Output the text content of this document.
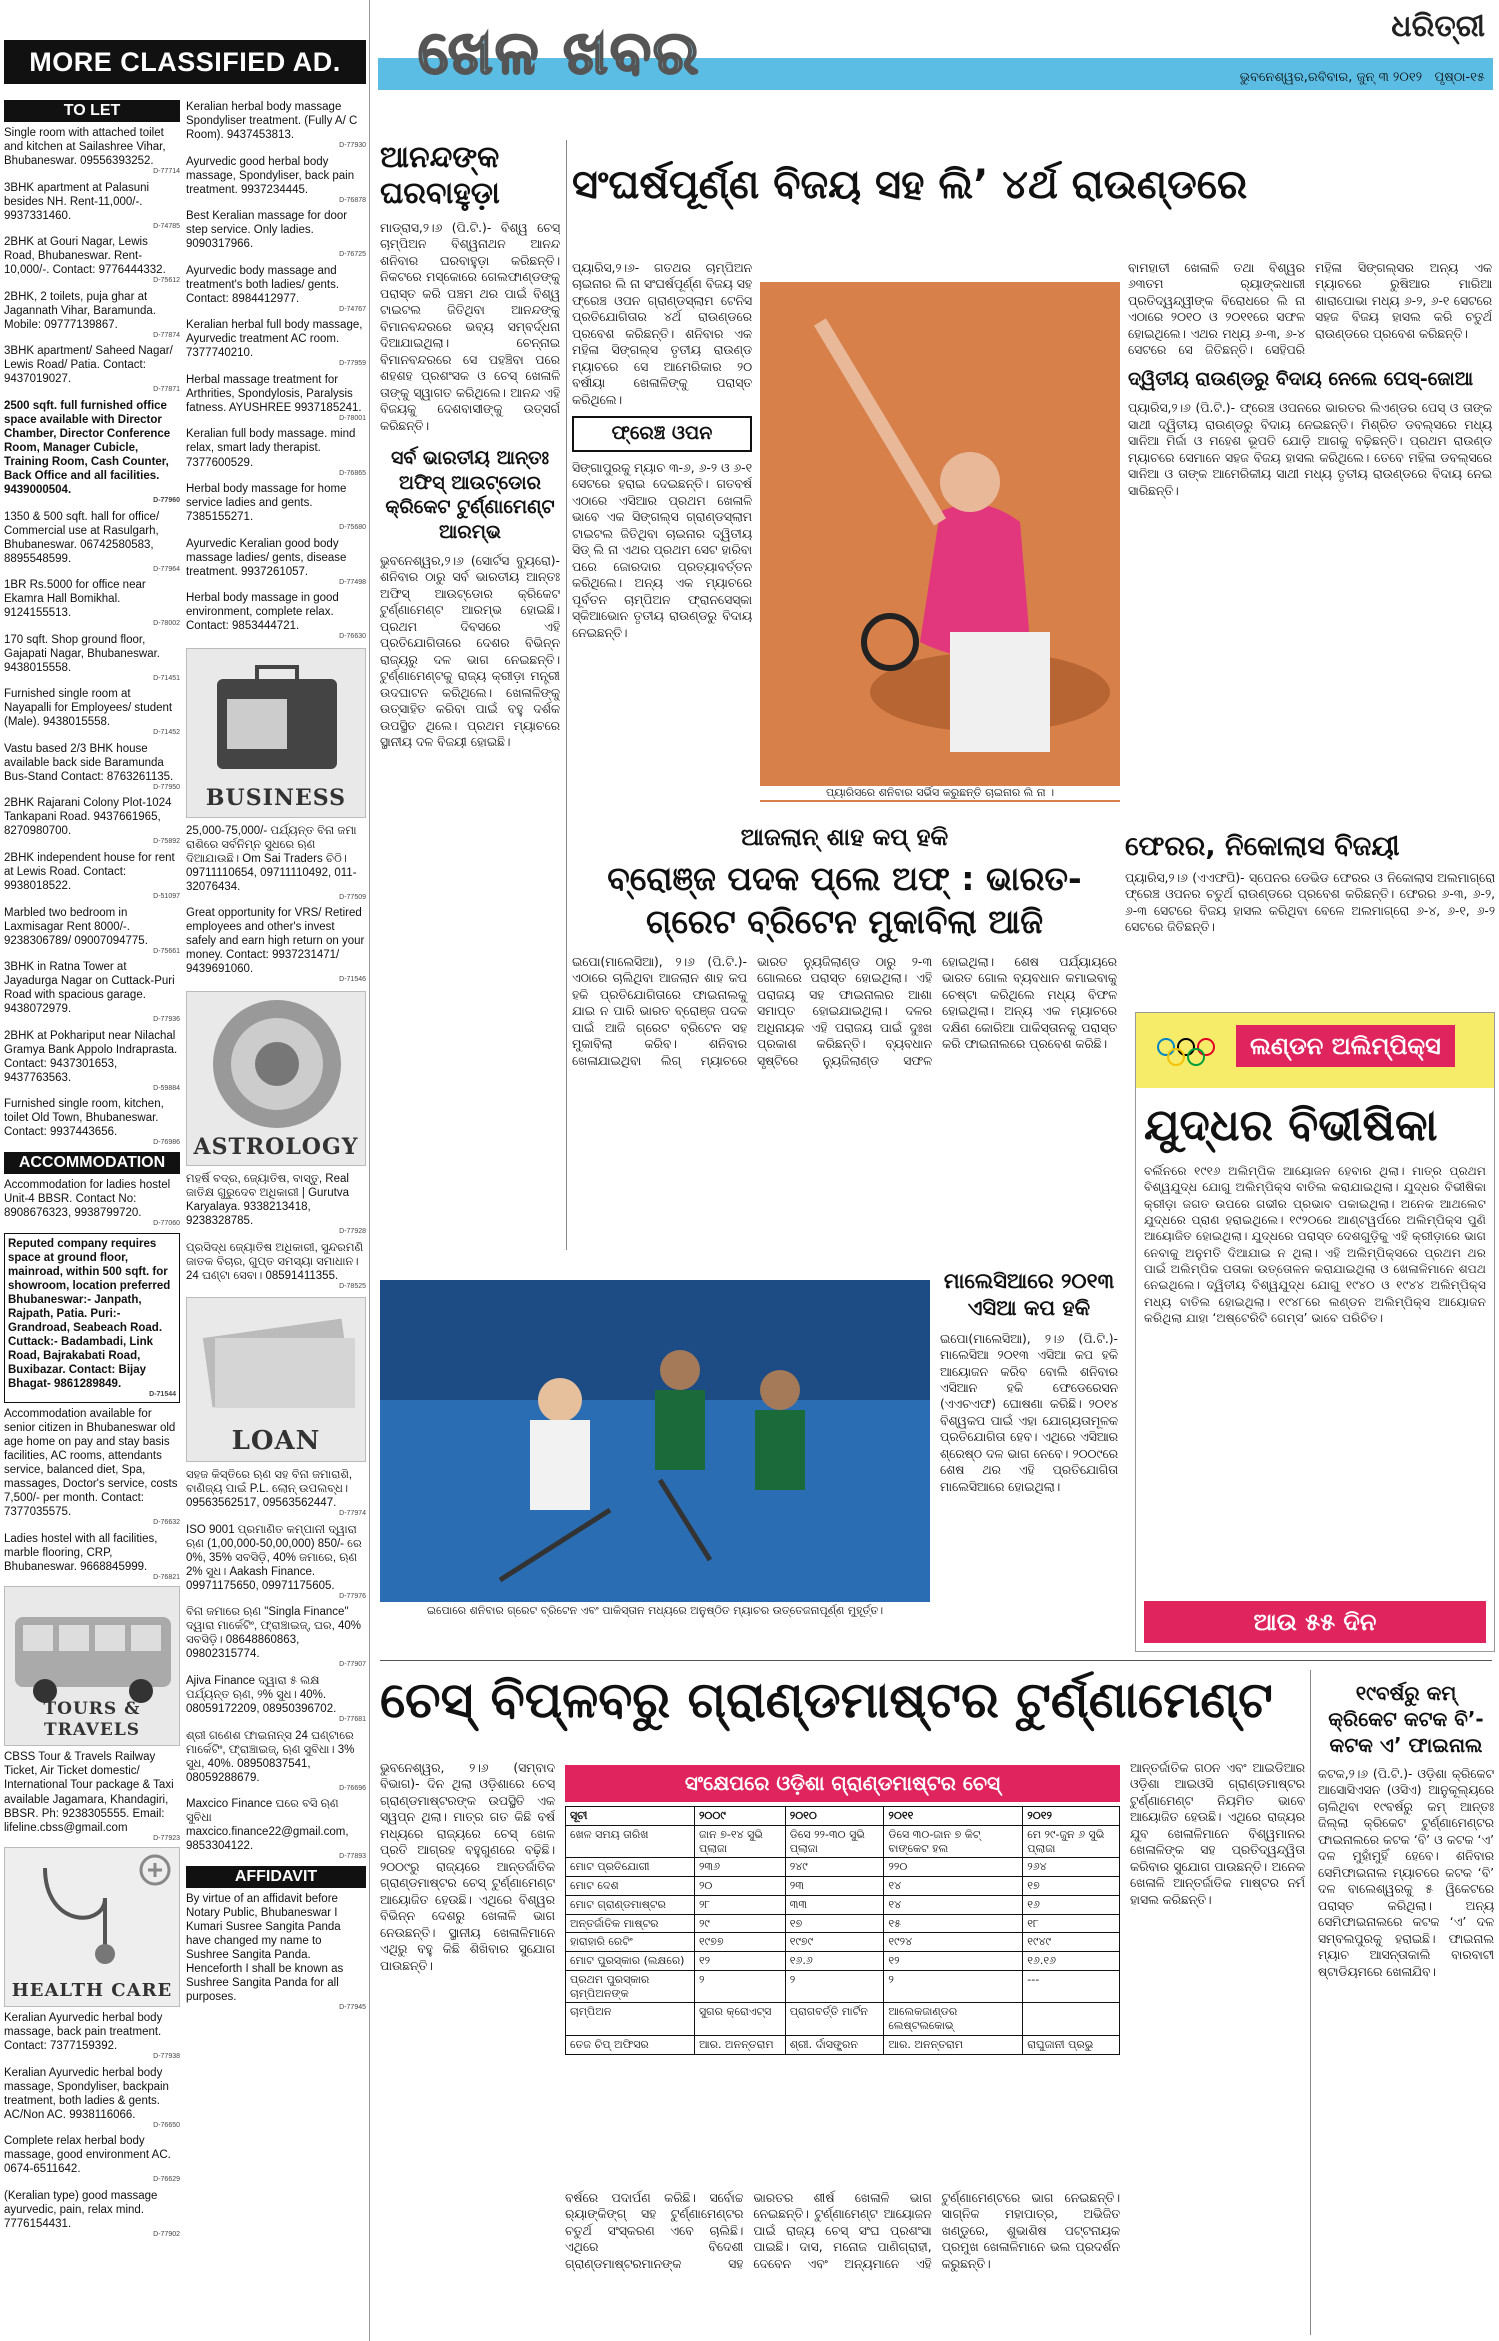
MORE CLASSIFIED AD.
TO LET

Single room with attached toilet and kitchen at Sailashree Vihar, Bhubaneswar. 09556393252.
D-77714

3BHK apartment at Palasuni besides NH. Rent-11,000/-. 9937331460.
D-74785

2BHK at Gouri Nagar, Lewis Road, Bhubaneswar. Rent-10,000/-. Contact: 9776444332.
D-75612

2BHK, 2 toilets, puja ghar at Jagannath Vihar, Baramunda. Mobile: 09777139867.
D-77874

3BHK apartment/ Saheed Nagar/ Lewis Road/ Patia. Contact: 9437019027.
D-77871

2500 sqft. full furnished office space available with Director Chamber, Director Conference Room, Manager Cubicle, Training Room, Cash Counter, Back Office and all facilities. 9439000504.
D-77960

1350 & 500 sqft. hall for office/ Commercial use at Rasulgarh, Bhubaneswar. 06742580583, 8895548599.
D-77964

1BR Rs.5000 for office near Ekamra Hall Bomikhal. 9124155513.
D-78002

170 sqft. Shop ground floor, Gajapati Nagar, Bhubaneswar. 9438015558.
D-71451

Furnished single room at Nayapalli for Employees/ student (Male). 9438015558.
D-71452

Vastu based 2/3 BHK house available back side Baramunda Bus-Stand Contact: 8763261135.
D-77950

2BHK Rajarani Colony Plot-1024 Tankapani Road. 9437661965, 8270980700.
D-75892

2BHK independent house for rent at Lewis Road. Contact: 9938018522.
D-51097

Marbled two bedroom in Laxmisagar Rent 8000/-. 9238306789/ 09007094775.
D-75661

3BHK in Ratna Tower at Jayadurga Nagar on Cuttack-Puri Road with spacious garage. 9438072979.
D-77936

2BHK at Pokhariput near Nilachal Gramya Bank Appolo Indraprasta. Contact: 9437301653, 9437763563.
D-59884

Furnished single room, kitchen, toilet Old Town, Bhubaneswar. Contact: 9937443656.
D-76986

ACCOMMODATION

Accommodation for ladies hostel Unit-4 BBSR. Contact No: 8908676323, 9938799720.
D-77060

Reputed company requires space at ground floor, mainroad, within 500 sqft. for showroom, location preferred Bhubaneswar:- Janpath, Rajpath, Patia. Puri:- Grandroad, Seabeach Road. Cuttack:- Badambadi, Link Road, Bajrakabati Road, Buxibazar. Contact: Bijay Bhagat- 9861289849.
D-71544

Accommodation available for senior citizen in Bhubaneswar old age home on pay and stay basis facilities, AC rooms, attendants service, balanced diet, Spa, massages, Doctor's service, costs 7,500/- per month. Contact: 7377035575.
D-76632

Ladies hostel with all facilities, marble flooring, CRP, Bhubaneswar. 9668845999.
D-76821

TOURS & TRAVELS

CBSS Tour & Travels Railway Ticket, Air Ticket domestic/ International Tour package & Taxi available Jagamara, Khandagiri, BBSR. Ph: 9238305555. Email: lifeline.cbss@gmail.com
D-77923

HEALTH CARE

Keralian Ayurvedic herbal body massage, back pain treatment. Contact: 7377159392.
D-77938

Keralian Ayurvedic herbal body massage, Spondyliser, backpain treatment, both ladies & gents. AC/Non AC. 9938116066.
D-76650

Complete relax herbal body massage, good environment AC. 0674-6511642.
D-76629

(Keralian type) good massage ayurvedic, pain, relax mind. 7776154431.
D-77902

Keralian herbal body massage Spondyliser treatment. (Fully A/ C Room). 9437453813.
D-77930

Ayurvedic good herbal body massage, Spondyliser, back pain treatment. 9937234445.
D-76878

Best Keralian massage for door step service. Only ladies. 9090317966.
D-76725

Ayurvedic body massage and treatment's both ladies/ gents. Contact: 8984412977.
D-74767

Keralian herbal full body massage, Ayurvedic treatment AC room. 7377740210.
D-77959

Herbal massage treatment for Arthrities, Spondylosis, Paralysis fatness. AYUSHREE 9937185241.
D-78001

Keralian full body massage. mind relax, smart lady therapist. 7377600529.
D-76865

Herbal body massage for home service ladies and gents. 7385155271.
D-75680

Ayurvedic Keralian good body massage ladies/ gents, disease treatment. 9937261057.
D-77498

Herbal body massage in good environment, complete relax. Contact: 9853444721.
D-76630

BUSINESS

25,000-75,000/- ପର୍ଯ୍ୟନ୍ତ ବିନା ଜମା ରାଶିରେ ସର୍ବନିମ୍ନ ସୁଧରେ ଋଣ ଦିଆଯାଉଛି। Om Sai Traders ଚିଠି। 09711110654, 09711110492, 011-32076434.
D-77509

Great opportunity for VRS/ Retired employees and other's invest safely and earn high return on your money. Contact: 9937231471/ 9439691060.
D-71546

ASTROLOGY

ମହର୍ଷି ବଦ୍ର, ଜ୍ୟୋତିଷ, ବାସ୍ତୁ, Real ଜାତିକ୍ଷ ଗୁରୁଦେବ ଅଧିକାରୀ | Gurutva Karyalaya. 9338213418, 9238328785.
D-77928

ପ୍ରସିଦ୍ଧ ଜ୍ୟୋତିଷ ଅଧିକାରୀ, ସୁନ୍ଦରମଣି ଜାତକ ବିଚାର, ଗୁପ୍ତ ସମସ୍ୟା ସମାଧାନ। 24 ଘଣ୍ଟା ସେବା। 08591411355.
D-78525

LOAN

ସହଜ କିସ୍ତିରେ ଋଣ ସହ ବିନା ଜମାରାଶି, ବାଣିଜ୍ୟ ପାଇଁ P.L. ଲୋନ୍ ଉପଲବ୍ଧ। 09563562517, 09563562447.
D-77974

ISO 9001 ପ୍ରମାଣିତ କମ୍ପାନୀ ଦ୍ୱାରା ଋଣ (1,00,000-50,00,000) 850/- ରେ 0%, 35% ସବସିଡ଼ି, 40% ଜମାରେ, ଋଣ 2% ସୁଧ। Aakash Finance. 09971175650, 09971175605.
D-77976

ବିନା ଜମାରେ ଋଣ "Singla Finance" ଦ୍ୱାରା ମାର୍କେଟିଂ, ଫ୍ରାଞ୍ଚାଇଜ୍, ଘର, 40% ସବସିଡ଼ି। 08648860863, 09802315774.
D-77907

Ajiva Finance ଦ୍ୱାରା ୫ ଲକ୍ଷ ପର୍ଯ୍ୟନ୍ତ ଋଣ, ୨% ସୁଧ। 40%. 08059172209, 08950396702.
D-77681

ଶ୍ରୀ ଗଣେଶ ଫାଇନାନ୍ସ 24 ଘଣ୍ଟାରେ ମାର୍କେଟିଂ, ଫ୍ରାଞ୍ଚାଇଜ୍, ଋଣ ସୁବିଧା। 3% ସୁଧ, 40%. 08950837541, 08059288679.
D-76696

Maxcico Finance ଘରେ ବସି ଋଣ ସୁବିଧା maxcico.finance22@gmail.com, 9853304122.
D-77893

AFFIDAVIT

By virtue of an affidavit before Notary Public, Bhubaneswar I Kumari Susree Sangita Panda have changed my name to Sushree Sangita Panda. Henceforth I shall be known as Sushree Sangita Panda for all purposes.
D-77945

ଖେଳ ଖବର	ଧରିତ୍ରୀ
ଭୁବନେଶ୍ୱର,ରବିବାର, ଜୁନ୍ ୩ ୨୦୧୨ ପୃଷ୍ଠା-୧୫
ଆନନ୍ଦଙ୍କ ଘରବାହୁଡ଼ା
ମାଡ୍ରାସ,୨।୬ (ପି.ଟି.)- ବିଶ୍ୱ ଚେସ୍ ଚାମ୍ପିଅନ ବିଶ୍ୱନାଥନ ଆନନ୍ଦ ଶନିବାର ଘରବାହୁଡ଼ା କରିଛନ୍ତି। ନିକଟରେ ମସ୍କୋରେ ଗେଲଫାଣ୍ଡଙ୍କୁ ପରାସ୍ତ କରି ପଞ୍ଚମ ଥର ପାଇଁ ବିଶ୍ୱ ଟାଇଟଲ ଜିତିଥିବା ଆନନ୍ଦଙ୍କୁ ବିମାନବନ୍ଦରରେ ଭବ୍ୟ ସମ୍ବର୍ଦ୍ଧନା ଦିଆଯାଇଥିଲା। ଚେନ୍ନାଇ ବିମାନବନ୍ଦରରେ ସେ ପହଞ୍ଚିବା ପରେ ଶହଶହ ପ୍ରଶଂସକ ଓ ଚେସ୍ ଖେଳାଳି ତାଙ୍କୁ ସ୍ୱାଗତ କରିଥିଲେ। ଆନନ୍ଦ ଏହି ବିଜୟକୁ ଦେଶବାସୀଙ୍କୁ ଉତ୍ସର୍ଗ କରିଛନ୍ତି।
ସର୍ବ ଭାରତୀୟ ଆନ୍ତଃ ଅଫିସ୍ ଆଉଟ୍ଡୋର କ୍ରିକେଟ ଟୁର୍ଣ୍ଣାମେଣ୍ଟ ଆରମ୍ଭ
ଭୁବନେଶ୍ୱର,୨।୬ (ସୋର୍ଟସ ବ୍ୟୁରୋ)- ଶନିବାର ଠାରୁ ସର୍ବ ଭାରତୀୟ ଆନ୍ତଃ ଅଫିସ୍ ଆଉଟ୍ଡୋର କ୍ରିକେଟ ଟୁର୍ଣ୍ଣାମେଣ୍ଟ ଆରମ୍ଭ ହୋଇଛି। ପ୍ରଥମ ଦିବସରେ ଏହି ପ୍ରତିଯୋଗିତାରେ ଦେଶର ବିଭିନ୍ନ ରାଜ୍ୟରୁ ଦଳ ଭାଗ ନେଇଛନ୍ତି। ଟୁର୍ଣ୍ଣାମେଣ୍ଟକୁ ରାଜ୍ୟ କ୍ରୀଡ଼ା ମନ୍ତ୍ରୀ ଉଦଘାଟନ କରିଥିଲେ। ଖେଳାଳିଙ୍କୁ ଉତ୍ସାହିତ କରିବା ପାଇଁ ବହୁ ଦର୍ଶକ ଉପସ୍ଥିତ ଥିଲେ। ପ୍ରଥମ ମ୍ୟାଚରେ ସ୍ଥାନୀୟ ଦଳ ବିଜୟୀ ହୋଇଛି।
ସଂଘର୍ଷପୂର୍ଣ୍ଣ ବିଜୟ ସହ ଲି’ ୪ର୍ଥ ରାଉଣ୍ଡରେ
ପ୍ୟାରିସ,୨।୬- ଗତଥର ଚାମ୍ପିଅନ ଚାଇନାର ଲି ନା ସଂଘର୍ଷପୂର୍ଣ୍ଣ ବିଜୟ ସହ ଫ୍ରେଞ୍ଚ ଓପନ ଗ୍ରାଣ୍ଡସ୍ଲାମ ଟେନିସ ପ୍ରତିଯୋଗିତାର ୪ର୍ଥ ରାଉଣ୍ଡରେ ପ୍ରବେଶ କରିଛନ୍ତି। ଶନିବାର ଏକ ମହିଳା ସିଙ୍ଗଲ୍ସ ତୃତୀୟ ରାଉଣ୍ଡ ମ୍ୟାଚରେ ସେ ଆମେରିକାର ୨୦ ବର୍ଷୀୟା ଖେଳାଳିଙ୍କୁ ପରାସ୍ତ କରିଥିଲେ।
ଫ୍ରେଞ୍ଚ ଓପନ
ସିଙ୍ଗାପୁରକୁ ମ୍ୟାଚ ୩-୬, ୬-୨ ଓ ୬-୧ ସେଟରେ ହରାଇ ଦେଇଛନ୍ତି। ଗତବର୍ଷ ଏଠାରେ ଏସିଆର ପ୍ରଥମ ଖେଳାଳି ଭାବେ ଏକ ସିଙ୍ଗଲ୍ସ ଗ୍ରାଣ୍ଡସ୍ଲାମ ଟାଇଟଲ ଜିତିଥିବା ଚାଇନାର ଦ୍ୱିତୀୟ ସିଡ୍ ଲି ନା ଏଥର ପ୍ରଥମ ସେଟ ହାରିବା ପରେ ଜୋରଦାର ପ୍ରତ୍ୟାବର୍ତ୍ତନ କରିଥିଲେ। ଅନ୍ୟ ଏକ ମ୍ୟାଚରେ ପୂର୍ବତନ ଚାମ୍ପିଅନ ଫ୍ରାନସେସ୍କା ସ୍କିଆଭୋନ ତୃତୀୟ ରାଉଣ୍ଡରୁ ବିଦାୟ ନେଇଛନ୍ତି।
ପ୍ୟାରିସରେ ଶନିବାର ସର୍ଭିସ କରୁଛନ୍ତି ଚାଇନାର ଲି ନା ।
ବାମହାତୀ ଖେଳାଳି ତଥା ବିଶ୍ୱର ୬୩ତମ ର‍୍ୟାଙ୍କଧାରୀ ପ୍ରତିଦ୍ୱନ୍ଦ୍ୱୀଙ୍କ ବିରୋଧରେ ଲି ନା ଏଠାରେ ୨୦୧୦ ଓ ୨୦୧୧ରେ ସଫଳ ହୋଇଥିଲେ। ଏଥର ମଧ୍ୟ ୬-୩, ୬-୪ ସେଟରେ ସେ ଜିତିଛନ୍ତି। ସେହିପରି ମହିଳା ସିଙ୍ଗଲ୍ସର ଅନ୍ୟ ଏକ ମ୍ୟାଚରେ ରୁଷିଆର ମାରିଆ ଶାରାପୋଭା ମଧ୍ୟ ୬-୨, ୬-୧ ସେଟରେ ସହଜ ବିଜୟ ହାସଲ କରି ଚତୁର୍ଥ ରାଉଣ୍ଡରେ ପ୍ରବେଶ କରିଛନ୍ତି।
ଦ୍ୱିତୀୟ ରାଉଣ୍ଡରୁ ବିଦାୟ ନେଲେ ପେସ୍-ଜୋଆ
ପ୍ୟାରିସ,୨।୬ (ପି.ଟି.)- ଫ୍ରେଞ୍ଚ ଓପନରେ ଭାରତର ଲିଏଣ୍ଡର ପେସ୍ ଓ ତାଙ୍କ ସାଥୀ ଦ୍ୱିତୀୟ ରାଉଣ୍ଡରୁ ବିଦାୟ ନେଇଛନ୍ତି। ମିଶ୍ରିତ ଡବଲ୍ସରେ ମଧ୍ୟ ସାନିଆ ମିର୍ଜା ଓ ମହେଶ ଭୂପତି ଯୋଡ଼ି ଆଗକୁ ବଢ଼ିଛନ୍ତି। ପ୍ରଥମ ରାଉଣ୍ଡ ମ୍ୟାଚରେ ସେମାନେ ସହଜ ବିଜୟ ହାସଲ କରିଥିଲେ। ତେବେ ମହିଳା ଡବଲ୍ସରେ ସାନିଆ ଓ ତାଙ୍କ ଆମେରିକୀୟ ସାଥୀ ମଧ୍ୟ ତୃତୀୟ ରାଉଣ୍ଡରେ ବିଦାୟ ନେଇ ସାରିଛନ୍ତି।
ଆଜଲାନ୍ ଶାହ କପ୍ ହକି
ବ୍ରୋଞ୍ଜ ପଦକ ପ୍ଲେ ଅଫ୍ : ଭାରତ-ଗ୍ରେଟ ବ୍ରିଟେନ ମୁକାବିଲା ଆଜି
ଇପୋ(ମାଲେସିଆ), ୨।୬ (ପି.ଟି.)- ଏଠାରେ ଚାଲିଥିବା ଆଜଲାନ ଶାହ କପ ହକି ପ୍ରତିଯୋଗିତାରେ ଫାଇନାଲକୁ ଯାଇ ନ ପାରି ଭାରତ ବ୍ରୋଞ୍ଜ ପଦକ ପାଇଁ ଆଜି ଗ୍ରେଟ ବ୍ରିଟେନ ସହ ମୁକାବିଲା କରିବ। ଶନିବାର ଖେଳାଯାଇଥିବା ଲିଗ୍ ମ୍ୟାଚରେ ଭାରତ ନ୍ୟୁଜିଲାଣ୍ଡ ଠାରୁ ୨-୩ ଗୋଲରେ ପରାସ୍ତ ହୋଇଥିଲା। ଏହି ପରାଜୟ ସହ ଫାଇନାଲର ଆଶା ସମାପ୍ତ ହୋଇଯାଇଥିଲା। ଦଳର ଅଧିନାୟକ ଏହି ପରାଜୟ ପାଇଁ ଦୁଃଖ ପ୍ରକାଶ କରିଛନ୍ତି। ବ୍ୟବଧାନ ସୃଷ୍ଟିରେ ନ୍ୟୁଜିଲାଣ୍ଡ ସଫଳ ହୋଇଥିଲା। ଶେଷ ପର୍ଯ୍ୟାୟରେ ଭାରତ ଗୋଲ ବ୍ୟବଧାନ କମାଇବାକୁ ଚେଷ୍ଟା କରିଥିଲେ ମଧ୍ୟ ବିଫଳ ହୋଇଥିଲା। ଅନ୍ୟ ଏକ ମ୍ୟାଚରେ ଦକ୍ଷିଣ କୋରିଆ ପାକିସ୍ତାନକୁ ପରାସ୍ତ କରି ଫାଇନାଲରେ ପ୍ରବେଶ କରିଛି।
ଇପୋରେ ଶନିବାର ଗ୍ରେଟ ବ୍ରିଟେନ ଏବଂ ପାକିସ୍ତାନ ମଧ୍ୟରେ ଅନୁଷ୍ଠିତ ମ୍ୟାଚର ଉତ୍ତେଜନାପୂର୍ଣ୍ଣ ମୁହୂର୍ତ୍ତ।
ମାଲେସିଆରେ ୨୦୧୩ ଏସିଆ କପ ହକି
ଇପୋ(ମାଲେସିଆ), ୨।୬ (ପି.ଟି.)- ମାଲେସିଆ ୨୦୧୩ ଏସିଆ କପ ହକି ଆୟୋଜନ କରିବ ବୋଲି ଶନିବାର ଏସିଆନ ହକି ଫେଡେରେସନ (ଏଏଚଏଫ) ଘୋଷଣା କରିଛି। ୨୦୧୪ ବିଶ୍ୱକପ ପାଇଁ ଏହା ଯୋଗ୍ୟତାମୂଳକ ପ୍ରତିଯୋଗିତା ହେବ। ଏଥିରେ ଏସିଆର ଶ୍ରେଷ୍ଠ ଦଳ ଭାଗ ନେବେ। ୨୦୦୯ରେ ଶେଷ ଥର ଏହି ପ୍ରତିଯୋଗିତା ମାଲେସିଆରେ ହୋଇଥିଲା।
ଫେରର, ନିକୋଲାସ ବିଜୟୀ
ପ୍ୟାରିସ,୨।୬ (ଏଏଫପି)- ସ୍ପେନର ଡେଭିଡ ଫେରର ଓ ନିକୋଲାସ ଅଲମାଗ୍ରୋ ଫ୍ରେଞ୍ଚ ଓପନର ଚତୁର୍ଥ ରାଉଣ୍ଡରେ ପ୍ରବେଶ କରିଛନ୍ତି। ଫେରର ୬-୩, ୬-୨, ୬-୩ ସେଟରେ ବିଜୟ ହାସଲ କରିଥିବା ବେଳେ ଅଲମାଗ୍ରୋ ୬-୪, ୬-୧, ୬-୨ ସେଟରେ ଜିତିଛନ୍ତି।
ଲଣ୍ଡନ ଅଲିମ୍ପିକ୍ସ
ଯୁଦ୍ଧର ବିଭୀଷିକା
ବର୍ଲିନରେ ୧୯୧୬ ଅଲିମ୍ପିକ ଆୟୋଜନ ହେବାର ଥିଲା। ମାତ୍ର ପ୍ରଥମ ବିଶ୍ୱଯୁଦ୍ଧ ଯୋଗୁ ଅଲିମ୍ପିକ୍ସ ବାତିଲ କରାଯାଇଥିଲା। ଯୁଦ୍ଧର ବିଭୀଷିକା କ୍ରୀଡ଼ା ଜଗତ ଉପରେ ଗଭୀର ପ୍ରଭାବ ପକାଇଥିଲା। ଅନେକ ଆଥଲେଟ ଯୁଦ୍ଧରେ ପ୍ରାଣ ହରାଇଥିଲେ। ୧୯୨୦ରେ ଆଣ୍ଟୱର୍ପରେ ଅଲିମ୍ପିକ୍ସ ପୁଣି ଆୟୋଜିତ ହୋଇଥିଲା। ଯୁଦ୍ଧରେ ପରାସ୍ତ ଦେଶଗୁଡ଼ିକୁ ଏହି କ୍ରୀଡ଼ାରେ ଭାଗ ନେବାକୁ ଅନୁମତି ଦିଆଯାଇ ନ ଥିଲା। ଏହି ଅଲିମ୍ପିକ୍ସରେ ପ୍ରଥମ ଥର ପାଇଁ ଅଲିମ୍ପିକ ପତାକା ଉତ୍ତୋଳନ କରାଯାଇଥିଲା ଓ ଖେଳାଳିମାନେ ଶପଥ ନେଇଥିଲେ। ଦ୍ୱିତୀୟ ବିଶ୍ୱଯୁଦ୍ଧ ଯୋଗୁ ୧୯୪୦ ଓ ୧୯୪୪ ଅଲିମ୍ପିକ୍ସ ମଧ୍ୟ ବାତିଲ ହୋଇଥିଲା। ୧୯୪୮ରେ ଲଣ୍ଡନ ଅଲିମ୍ପିକ୍ସ ଆୟୋଜନ କରିଥିଲା ଯାହା ‘ଅଷ୍ଟେରିଟି ଗେମ୍ସ’ ଭାବେ ପରିଚିତ।
ଆଉ ୫୫ ଦିନ
ଚେସ୍ ବିପ୍ଳବରୁ ଗ୍ରାଣ୍ଡମାଷ୍ଟର ଟୁର୍ଣ୍ଣାମେଣ୍ଟ
ଭୁବନେଶ୍ୱର, ୨।୬ (ସମ୍ବାଦ ବିଭାଗ)- ଦିନ ଥିଲା ଓଡ଼ିଶାରେ ଚେସ୍ ଗ୍ରାଣ୍ଡମାଷ୍ଟରଙ୍କ ଉପସ୍ଥିତି ଏକ ସ୍ୱପ୍ନ ଥିଲା। ମାତ୍ର ଗତ କିଛି ବର୍ଷ ମଧ୍ୟରେ ରାଜ୍ୟରେ ଚେସ୍ ଖେଳ ପ୍ରତି ଆଗ୍ରହ ବହୁଗୁଣରେ ବଢ଼ିଛି। ୨୦୦୯ରୁ ରାଜ୍ୟରେ ଆନ୍ତର୍ଜାତିକ ଗ୍ରାଣ୍ଡମାଷ୍ଟର ଚେସ୍ ଟୁର୍ଣ୍ଣାମେଣ୍ଟ ଆୟୋଜିତ ହେଉଛି। ଏଥିରେ ବିଶ୍ୱର ବିଭିନ୍ନ ଦେଶରୁ ଖେଳାଳି ଭାଗ ନେଉଛନ୍ତି। ସ୍ଥାନୀୟ ଖେଳାଳିମାନେ ଏଥିରୁ ବହୁ କିଛି ଶିଖିବାର ସୁଯୋଗ ପାଉଛନ୍ତି।
ସଂକ୍ଷେପରେ ଓଡ଼ିଶା ଗ୍ରାଣ୍ଡମାଷ୍ଟର ଚେସ୍
ସୂଚୀ	୨୦୦୯	୨୦୧୦	୨୦୧୧	୨୦୧୨
ଖେଳ ସମୟ ତାରିଖ	ଜାନ ୭-୧୪ ସୁଭି ପ୍ଲାଜା	ଡିସେ ୨୨-୩୦ ସୁଭି ପ୍ଲାଜା	ଡିସେ ୩୦-ଜାନ ୭ କିଟ୍ ବାଙ୍କେଟ ହଲ	ମେ ୨୯-ଜୁନ ୬ ସୁଭି ପ୍ଲାଜା
ମୋଟ ପ୍ରତିଯୋଗୀ	୨୩୬	୨୪୯	୨୨୦	୨୬୪
ମୋଟ ଦେଶ	୨୦	୨୩	୧୪	୧୭
ମୋଟ ଗ୍ରାଣ୍ଡମାଷ୍ଟର	୨୮	୩୩	୧୪	୧୬
ଅନ୍ତର୍ଜାତିକ ମାଷ୍ଟର	୨୯	୧୭	୧୫	୧୮
ହାରାହାରି ରେଟିଂ	୧୯୭୭	୧୯୭୯	୧୯୨୪	୧୯୪୯
ମୋଟ ପୁରସ୍କାର (ଲକ୍ଷରେ)	୧୨	୧୬.୬	୧୨	୧୬.୧୬
ପ୍ରଥମ ପୁରସ୍କାର ଚାମ୍ପିଅନଙ୍କ	୨	୨	୨	---
ଚାମ୍ପିଅନ	ସୁଗର କ୍ରୋଏଟ୍ସ	ପ୍ରାଗବର୍ତ୍ତି ମାର୍ଟିନ	ଆଲେକଜାଣ୍ଡର ଲେଷ୍ଟଲକୋଭ୍	
ତେଜ ଚିପ୍ ଅଫିସର	ଆର. ଅନନ୍ତରାମ	ଶ୍ରୀ. ର୍ଦାସଙ୍କ୍ରନ	ଆର. ଅନନ୍ତରାମ	ରାଘୁଜାନୀ ପ୍ରଭୁ
ବର୍ଷରେ ପଦାର୍ପଣ କରିଛି। ସର୍ବୋଚ୍ଚ ର‍୍ୟାଙ୍କିଙ୍ଗ୍ ସହ ଟୁର୍ଣ୍ଣାମେଣ୍ଟର ଚତୁର୍ଥ ସଂସ୍କରଣ ଏବେ ଚାଲିଛି। ଏଥିରେ ବିଦେଶୀ ଗ୍ରାଣ୍ଡମାଷ୍ଟରମାନଙ୍କ ସହ ଭାରତର ଶୀର୍ଷ ଖେଳାଳି ଭାଗ ନେଇଛନ୍ତି। ଟୁର୍ଣ୍ଣାମେଣ୍ଟ ଆୟୋଜନ ପାଇଁ ରାଜ୍ୟ ଚେସ୍ ସଂଘ ପ୍ରଶଂସା ପାଇଛି। ଦାସ, ମନୋଜ ପାଣିଗ୍ରାହୀ, ଦେବେନ ଏବଂ ଅନ୍ୟମାନେ ଏହି ଟୁର୍ଣ୍ଣାମେଣ୍ଟରେ ଭାଗ ନେଇଛନ୍ତି। ସାଗ୍ନିକ ମହାପାତ୍ର, ଅଭିଜିତ ଖଣ୍ଡୁରେ, ଶୁଭାଶିଷ ପଟ୍ଟନାୟକ ପ୍ରମୁଖ ଖେଳାଳିମାନେ ଭଲ ପ୍ରଦର୍ଶନ କରୁଛନ୍ତି।
ଆନ୍ତର୍ଜାତିକ ଗଠନ ଏବଂ ଆଇଡିଆର ଓଡ଼ିଶା ଆଇଓସି ଗ୍ରାଣ୍ଡମାଷ୍ଟର ଟୁର୍ଣ୍ଣାମେଣ୍ଟ ନିୟମିତ ଭାବେ ଆୟୋଜିତ ହେଉଛି। ଏଥିରେ ରାଜ୍ୟର ଯୁବ ଖେଳାଳିମାନେ ବିଶ୍ୱମାନର ଖେଳାଳିଙ୍କ ସହ ପ୍ରତିଦ୍ୱନ୍ଦ୍ୱିତା କରିବାର ସୁଯୋଗ ପାଉଛନ୍ତି। ଅନେକ ଖେଳାଳି ଆନ୍ତର୍ଜାତିକ ମାଷ୍ଟର ନର୍ମ ହାସଲ କରିଛନ୍ତି।
୧୯ବର୍ଷରୁ କମ୍ କ୍ରିକେଟ କଟକ ବି’-କଟକ ଏ’ ଫାଇନାଲ
କଟକ,୨।୬ (ପି.ଟି.)- ଓଡ଼ିଶା କ୍ରିକେଟ ଆସୋସିଏସନ (ଓସିଏ) ଆନୁକୂଲ୍ୟରେ ଚାଲିଥିବା ୧୯ବର୍ଷରୁ କମ୍ ଆନ୍ତଃ ଜିଲ୍ଲା କ୍ରିକେଟ ଟୁର୍ଣ୍ଣାମେଣ୍ଟର ଫାଇନାଲରେ କଟକ ‘ବି’ ଓ କଟକ ‘ଏ’ ଦଳ ମୁହାଁମୁହିଁ ହେବେ। ଶନିବାର ସେମିଫାଇନାଲ ମ୍ୟାଚରେ କଟକ ‘ବି’ ଦଳ ବାଲେଶ୍ୱରକୁ ୫ ୱିକେଟରେ ପରାସ୍ତ କରିଥିଲା। ଅନ୍ୟ ସେମିଫାଇନାଲରେ କଟକ ‘ଏ’ ଦଳ ସମ୍ବଲପୁରକୁ ହରାଇଛି। ଫାଇନାଲ ମ୍ୟାଚ ଆସନ୍ତାକାଲି ବାରବାଟୀ ଷ୍ଟାଡିୟମରେ ଖେଳାଯିବ।
